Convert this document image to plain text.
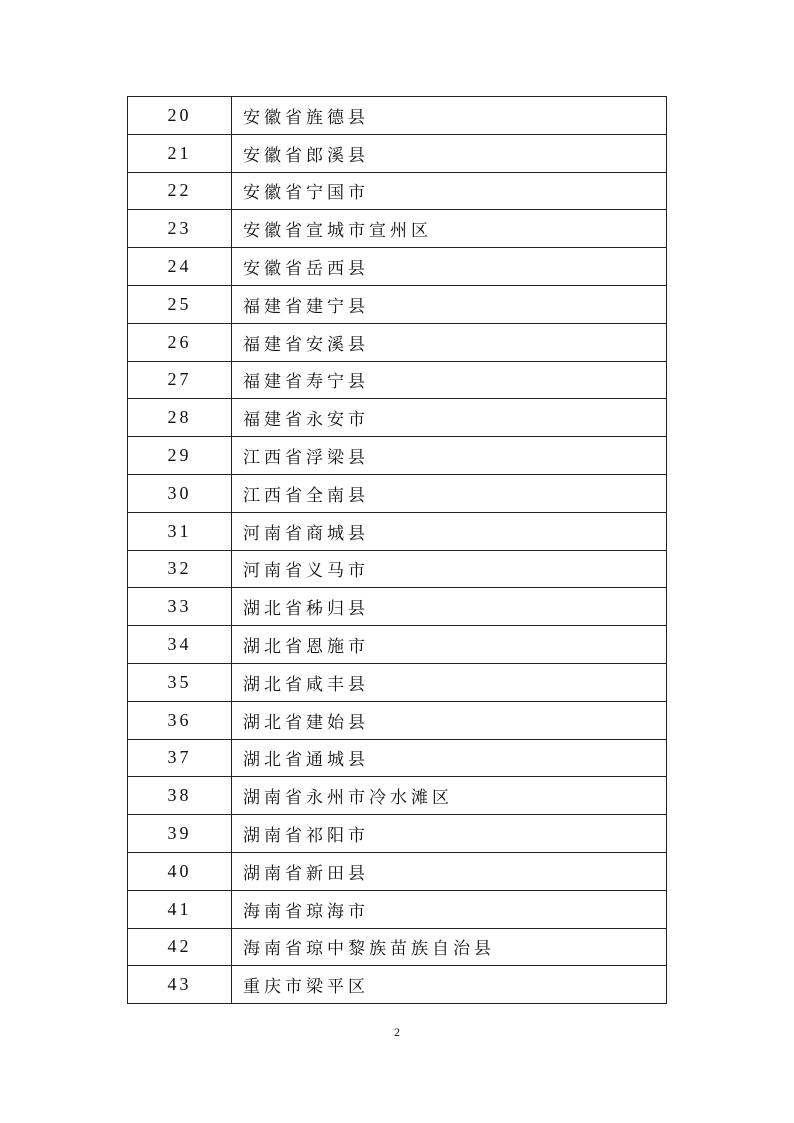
20	安徽省旌德县
21	安徽省郎溪县
22	安徽省宁国市
23	安徽省宣城市宣州区
24	安徽省岳西县
25	福建省建宁县
26	福建省安溪县
27	福建省寿宁县
28	福建省永安市
29	江西省浮梁县
30	江西省全南县
31	河南省商城县
32	河南省义马市
33	湖北省秭归县
34	湖北省恩施市
35	湖北省咸丰县
36	湖北省建始县
37	湖北省通城县
38	湖南省永州市冷水滩区
39	湖南省祁阳市
40	湖南省新田县
41	海南省琼海市
42	海南省琼中黎族苗族自治县
43	重庆市梁平区
2
